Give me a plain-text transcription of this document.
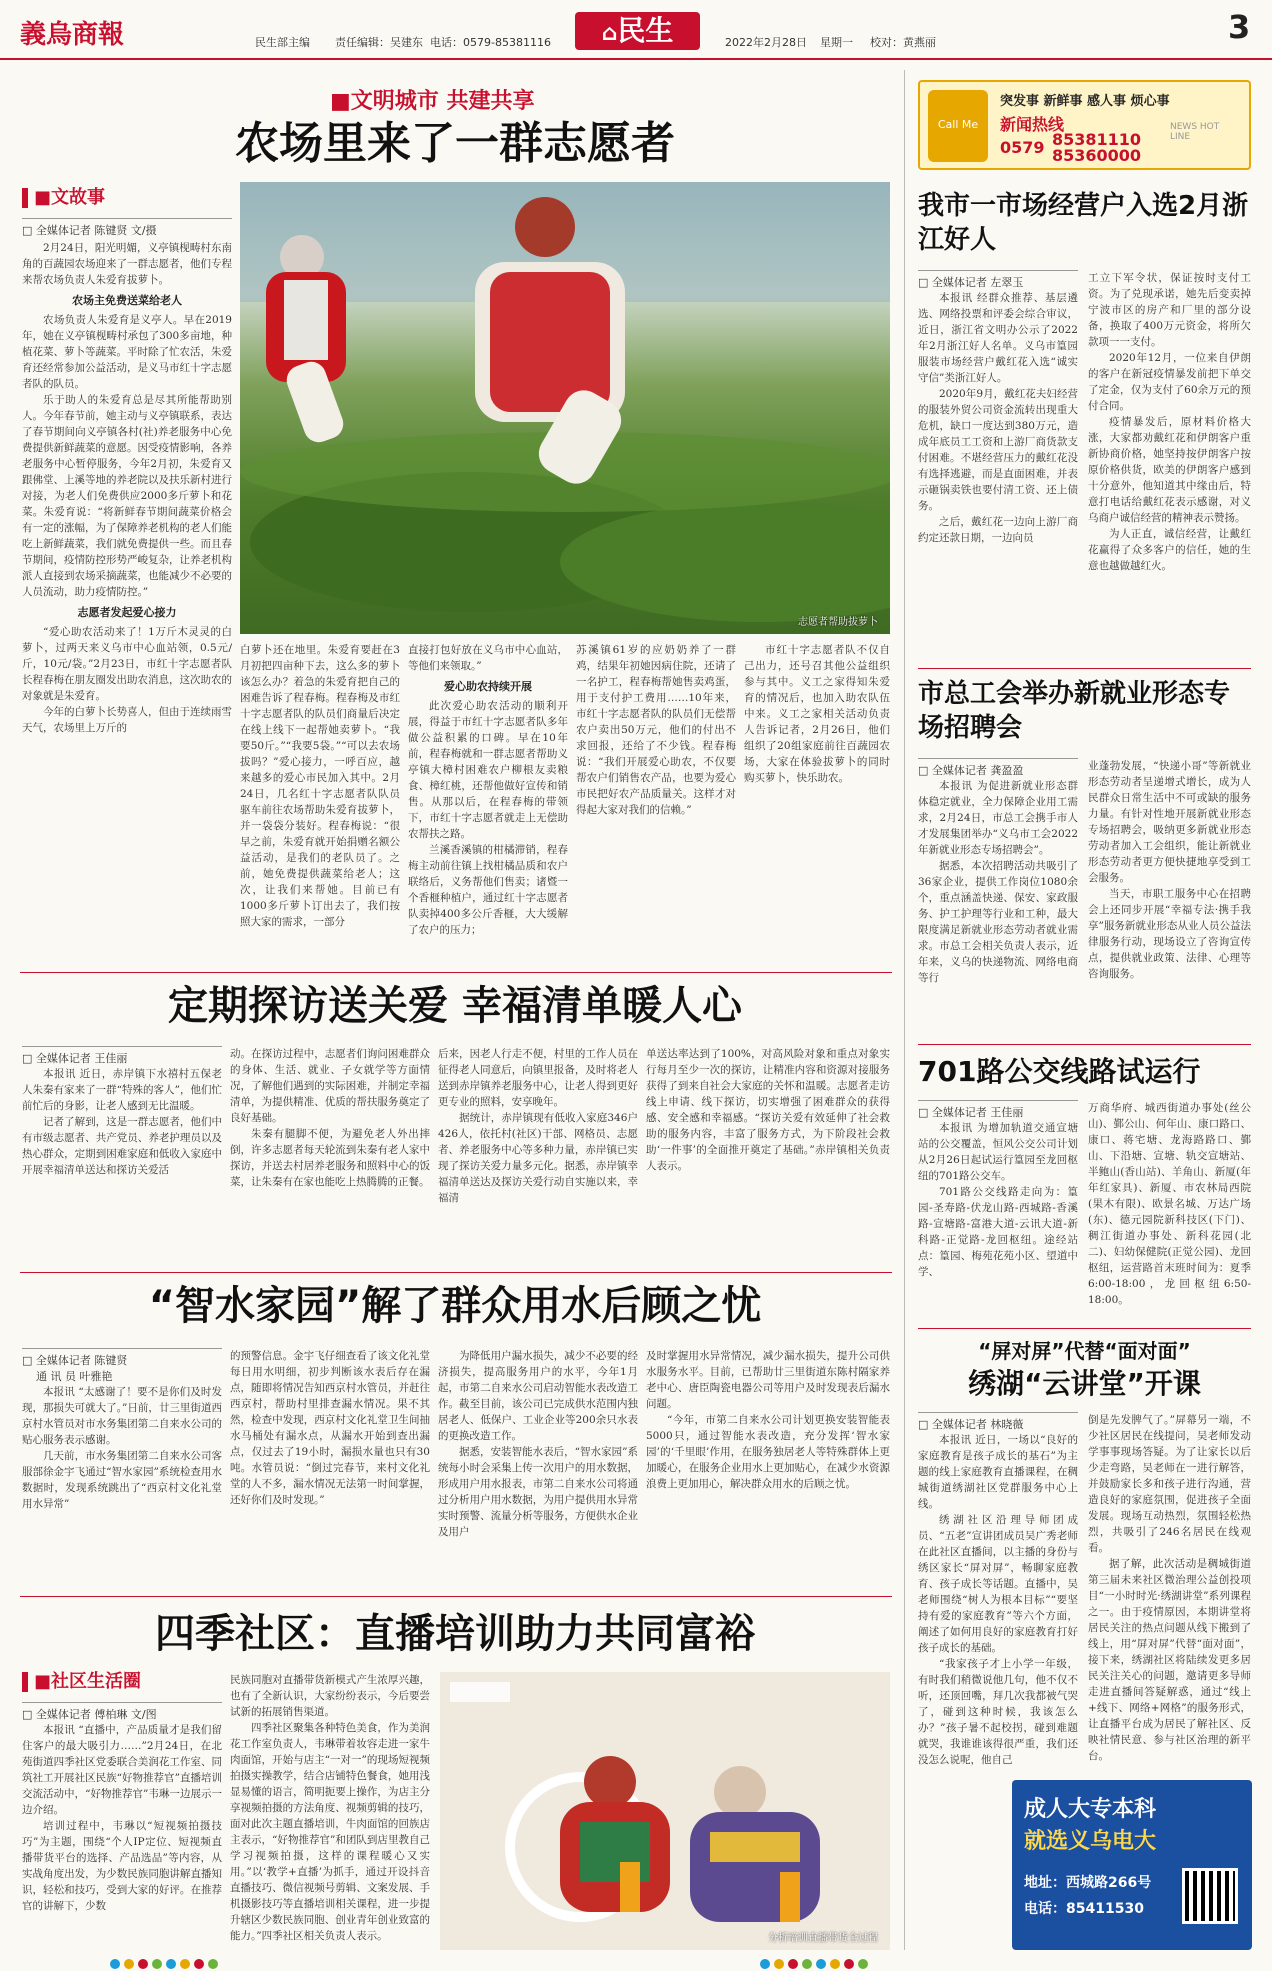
義烏商報	民生部主编 责任编辑：吴建东 电话：0579-85381116	⌂民生	2022年2月28日 星期一 校对：黄燕丽	3
Call Me
突发事 新鲜事 感人事 烦心事
新闻热线
0579 85381110
85360000
NEWS HOT LINE
■文明城市 共建共享
农场里来了一群志愿者
■文故事
□ 全媒体记者 陈键贤 文/摄
志愿者帮助拔萝卜

2月24日，阳光明媚，义亭镇枧畴村东南角的百蔬园农场迎来了一群志愿者，他们专程来帮农场负责人朱爱育拔萝卜。

农场主免费送菜给老人

农场负责人朱爱育是义亭人。早在2019年，她在义亭镇枧畴村承包了300多亩地，种植花菜、萝卜等蔬菜。平时除了忙农活，朱爱育还经常参加公益活动，是义马市红十字志愿者队的队员。

乐于助人的朱爱育总是尽其所能帮助别人。今年春节前，她主动与义亭镇联系，表达了春节期间向义亭镇各村(社)养老服务中心免费提供新鲜蔬菜的意愿。因受疫情影响，各养老服务中心暂停服务，今年2月初，朱爱育又跟佛堂、上溪等地的养老院以及扶乐新村进行对接，为老人们免费供应2000多斤萝卜和花菜。朱爱育说：“将新鲜春节期间蔬菜价格会有一定的涨幅，为了保障养老机构的老人们能吃上新鲜蔬菜，我们就免费提供一些。而且春节期间，疫情防控形势严峻复杂，让养老机构派人直接到农场采摘蔬菜，也能减少不必要的人员流动，助力疫情防控。”

志愿者发起爱心接力

“爱心助农活动来了！1万斤木灵灵的白萝卜，过两天来义乌市中心血站领，0.5元/斤，10元/袋。”2月23日，市红十字志愿者队长程春梅在朋友圈发出助农消息，这次助农的对象就是朱爱育。

今年的白萝卜长势喜人，但由于连续雨雪天气，农场里上万斤的

白萝卜还在地里。朱爱育要赶在3月初把四亩种下去，这么多的萝卜该怎么办？着急的朱爱育把自己的困难告诉了程春梅。程春梅及市红十字志愿者队的队员们商量后决定在线上线下一起帮她卖萝卜。“我要50斤。”“我要5袋。”“可以去农场拔吗？”爱心接力，一呼百应，越来越多的爱心市民加入其中。2月24日，几名红十字志愿者队队员驱车前往农场帮助朱爱育拔萝卜，并一袋袋分装好。程春梅说：“很早之前，朱爱育就开始捐赠名额公益活动，是我们的老队员了。之前，她免费提供蔬菜给老人；这次，让我们来帮她。目前已有1000多斤萝卜订出去了，我们按照大家的需求，一部分

直接打包好放在义乌市中心血站，等他们来领取。”

爱心助农持续开展

此次爱心助农活动的顺利开展，得益于市红十字志愿者队多年做公益积累的口碑。早在10年前，程春梅就和一群志愿者帮助义亭镇大樟村困难农户柳根友卖粮食、樟红桃，还帮他做好宣传和销售。从那以后，在程春梅的带领下，市红十字志愿者就走上无偿助农帮扶之路。

兰溪香溪镇的柑橘滞销，程春梅主动前往镇上找柑橘品质和农户联络后，义务帮他们售卖；诸暨一个香榧种植户，通过红十字志愿者队卖掉400多公斤香榧，大大缓解了农户的压力；

苏溪镇61岁的应奶奶养了一群鸡，结果年初她因病住院，还请了一名护工，程春梅帮她售卖鸡蛋，用于支付护工费用……10年来，市红十字志愿者队的队员们无偿帮农户卖出50万元，他们的付出不求回报，还给了不少钱。程春梅说：“我们开展爱心助农，不仅要帮农户们销售农产品，也要为爱心市民把好农产品质量关。这样才对得起大家对我们的信赖。”

市红十字志愿者队不仅自己出力，还号召其他公益组织参与其中。义工之家得知朱爱育的情况后，也加入助农队伍中来。义工之家相关活动负责人告诉记者，2月26日，他们组织了20组家庭前往百蔬园农场，大家在体验拔萝卜的同时购买萝卜，快乐助农。

定期探访送关爱 幸福清单暖人心
□ 全媒体记者 王佳丽

本报讯 近日，赤岸镇下水禧村五保老人朱秦有家来了一群“特殊的客人”，他们忙前忙后的身影，让老人感到无比温暖。

记者了解到，这是一群志愿者，他们中有市级志愿者、共产党员、养老护理员以及热心群众，定期到困难家庭和低收入家庭中开展幸福清单送达和探访关爱活

动。在探访过程中，志愿者们询问困难群众的身体、生活、就业、子女就学等方面情况，了解他们遇到的实际困难，并制定幸福清单，为提供精准、优质的帮扶服务奠定了良好基础。

朱秦有腿脚不便，为避免老人外出摔倒，许多志愿者每天轮流到朱秦有老人家中探访，并送去村居养老服务和照料中心的饭菜，让朱秦有在家也能吃上热腾腾的正餐。

后来，因老人行走不便，村里的工作人员在征得老人同意后，向镇里报备，及时将老人送到赤岸镇养老服务中心，让老人得到更好更专业的照料，安享晚年。

据统计，赤岸镇现有低收入家庭346户426人，依托村(社区)干部、网格员、志愿者、养老服务中心等多种力量，赤岸镇已实现了探访关爱力量多元化。据悉，赤岸镇幸福清单送达及探访关爱行动自实施以来，幸福清

单送达率达到了100%，对高风险对象和重点对象实行每月至少一次的探访，让精准内容和资源对接服务获得了到来自社会大家庭的关怀和温暖。志愿者走访线上申请、线下探访，切实增强了困难群众的获得感、安全感和幸福感。“探访关爱有效延伸了社会救助的服务内容，丰富了服务方式，为下阶段社会救助‘一件事’的全面推开奠定了基础。”赤岸镇相关负责人表示。

“智水家园”解了群众用水后顾之忧
□ 全媒体记者 陈键贤
通 讯 员 叶雅艳

本报讯 “太感谢了！要不是你们及时发现，那损失可就大了。”日前，廿三里街道西京村水管员对市水务集团第二自来水公司的贴心服务表示感谢。

几天前，市水务集团第二自来水公司客服部徐金宇飞通过“智水家园”系统检查用水数据时，发现系统跳出了“西京村文化礼堂用水异常”

的预警信息。金宇飞仔细查看了该文化礼堂每日用水明细，初步判断该水表后存在漏点，随即将情况告知西京村水管员，并赶往西京村，帮助村里排查漏水情况。果不其然，检查中发现，西京村文化礼堂卫生间抽水马桶处有漏水点，从漏水开始到查出漏点，仅过去了19小时，漏损水量也只有30吨。水管员说：“倒过完春节，来村文化礼堂的人不多，漏水情况无法第一时间掌握，还好你们及时发现。”

为降低用户漏水损失，减少不必要的经济损失，提高服务用户的水平，今年1月起，市第二自来水公司启动智能水表改造工作。截至目前，该公司已完成供水范围内独居老人、低保户、工业企业等200余只水表的更换改造工作。

据悉，安装智能水表后，“智水家园”系统每小时会采集上传一次用户的用水数据，形成用户用水报表，市第二自来水公司将通过分析用户用水数据，为用户提供用水异常实时预警、流量分析等服务，方便供水企业及用户

及时掌握用水异常情况，减少漏水损失，提升公司供水服务水平。目前，已帮助廿三里街道东陈村隔家养老中心、唐臣陶瓷电器公司等用户及时发现表后漏水问题。

“今年，市第二自来水公司计划更换安装智能表5000只，通过智能水表改造，充分发挥‘智水家园’的‘千里眼’作用，在服务独居老人等特殊群体上更加暖心，在服务企业用水上更加贴心，在减少水资源浪费上更加用心，解决群众用水的后顾之忧。

四季社区：直播培训助力共同富裕
■社区生活圈
□ 全媒体记者 傅柏琳 文/图

本报讯 “直播中，产品质量才是我们留住客户的最大吸引力……”2月24日，在北苑街道四季社区党委联合美润花工作室、同筑社工开展社区民族“好物推荐官”直播培训交流活动中，“好物推荐官”韦琳一边展示一边介绍。

培训过程中，韦琳以“短视频拍摄技巧”为主题，围绕“个人IP定位、短视频直播带货平台的选择、产品选品”等内容，从实战角度出发，为少数民族同胞讲解直播知识，轻松和技巧，受到大家的好评。在推荐官的讲解下，少数

民族同胞对直播带货新模式产生浓厚兴趣，也有了全新认识，大家纷纷表示，今后要尝试新的拓展销售渠道。

四季社区聚集各种特色美食，作为美润花工作室负责人，韦琳带着妆容走进一家牛肉面馆，开始与店主“一对一”的现场短视频拍摄实操教学，结合店铺特色餐食，她用浅显易懂的语言，简明扼要上操作，为店主分享视频拍摄的方法角度、视频剪辑的技巧，面对此次主题直播培训，牛肉面馆的回族店主表示，“好物推荐官”和团队到店里教自己学习视频拍摄，这样的课程暖心又实用。”以‘教学+直播’为抓手，通过开设抖音直播技巧、微信视频号剪辑、文案发展、手机摄影技巧等直播培训相关课程，进一步提升辖区少数民族同胞、创业青年创业致富的能力。”四季社区相关负责人表示。	分析培训直播带货全过程
我市一市场经营户入选2月浙江好人
□ 全媒体记者 左翠玉

本报讯 经群众推荐、基层遴选、网络投票和评委会综合审议，近日，浙江省文明办公示了2022年2月浙江好人名单。义乌市篁园服装市场经营户戴红花入选“诚实守信”类浙江好人。

2020年9月，戴红花夫妇经营的服装外贸公司资金流转出现重大危机，缺口一度达到380万元，造成年底员工工资和上游厂商货款支付困难。不堪经营压力的戴红花没有选择逃避，而是直面困难，并表示砸锅卖铁也要付清工资、还上债务。

之后，戴红花一边向上游厂商约定还款日期，一边向员

工立下军令状，保证按时支付工资。为了兑现承诺，她先后变卖掉宁波市区的房产和厂里的部分设备，换取了400万元资金，将所欠款项一一支付。

2020年12月，一位来自伊朗的客户在新冠疫情暴发前把下单交了定金，仅为支付了60余万元的预付合同。

疫情暴发后，原材料价格大涨，大家都劝戴红花和伊朗客户重新协商价格，她坚持按伊朗客户按原价格供货，欧美的伊朗客户感到十分意外，他知道其中缘由后，特意打电话给戴红花表示感谢，对义乌商户诚信经营的精神表示赞扬。

为人正直，诚信经营，让戴红花赢得了众多客户的信任，她的生意也越做越红火。

市总工会举办新就业形态专场招聘会
□ 全媒体记者 龚盈盈

本报讯 为促进新就业形态群体稳定就业，全力保障企业用工需求，2月24日，市总工会携手市人才发展集团举办“义乌市工会2022年新就业形态专场招聘会”。

据悉，本次招聘活动共吸引了36家企业，提供工作岗位1080余个，重点涵盖快递、保安、家政服务、护工护理等行业和工种，最大限度满足新就业形态劳动者就业需求。市总工会相关负责人表示，近年来，义乌的快递物流、网络电商等行

业蓬勃发展，“快递小哥”等新就业形态劳动者呈递增式增长，成为人民群众日常生活中不可或缺的服务力量。有针对性地开展新就业形态专场招聘会，吸纳更多新就业形态劳动者加入工会组织，能让新就业形态劳动者更方便快捷地享受到工会服务。

当天，市职工服务中心在招聘会上还同步开展“幸福专法·携手我享”服务新就业形态从业人员公益法律服务行动，现场设立了咨询宣传点，提供就业政策、法律、心理等咨询服务。

701路公交线路试运行
□ 全媒体记者 王佳丽

本报讯 为增加轨道交通宣塘站的公交覆盖，恒风公交公司计划从2月26日起试运行篁园至龙回枢纽的701路公交车。

701路公交线路走向为：篁园-圣寿路-伏龙山路-西城路-香溪路-宣塘路-富港大道-云讯大道-新科路-正觉路-龙回枢纽。途经站点：篁园、梅苑花苑小区、望道中学、

万商华府、城西街道办事处(丝公山)、鄞公山、何年山、康口路口、康口、蒋宅塘、龙海路路口、鄞山、下沿塘、宣塘、轨交宣塘站、半鲍山(香山站)、羊角山、新厦(年年红家具)、新厦、市农林局西院(果木有限)、欧景名城、万达广场(东)、德元园院新科技区(下门)、稠江街道办事处、新科花园(北二)、妇幼保健院(正觉公园)、龙回枢纽，运营路首末班时间为：夏季6:00-18:00，龙回枢纽6:50-18:00。

“屏对屏”代替“面对面”
绣湖“云讲堂”开课
□ 全媒体记者 林晓薇

本报讯 近日，一场以“良好的家庭教育是孩子成长的基石”为主题的线上家庭教育直播课程，在稠城街道绣湖社区党群服务中心上线。

绣湖社区沿理导师团成员、“五老”宣讲团成员吴广秀老师在此社区直播间，以主播的身份与绣区家长“屏对屏”，畅聊家庭教育、孩子成长等话题。直播中，吴老师围绕“树人为根本目标”“要坚持有爱的家庭教育”等六个方面，阐述了如何用良好的家庭教育打好孩子成长的基础。

“我家孩子才上小学一年级，有时我们稍微说他几句，他不仅不听，还顶回嘴，拜几次我都被气哭了，碰到这种时候，我该怎么办？”孩子暑不起校拐，碰到难题就哭，我谁谁该得很严重，我们还没怎么说呢，他自己

倒是先发脾气了。”屏幕另一端，不少社区居民在线提问，吴老师发动学事事现场答疑。为了让家长以后少走弯路，吴老师在一进行解答，并鼓励家长多和孩子进行沟通，营造良好的家庭氛围，促进孩子全面发展。现场互动热烈，氛围轻松热烈，共吸引了246名居民在线观看。

据了解，此次活动是稠城街道第三届未来社区微治理公益创投项目“一小时时光·绣湖讲堂”系列课程之一。由于疫情原因，本期讲堂将居民关注的热点问题从线下搬到了线上，用“屏对屏”代替“面对面”，接下来，绣湖社区将陆续发更多居民关注关心的问题，邀请更多导师走进直播间答疑解惑，通过“线上+线下、网络+网格”的服务形式，让直播平台成为居民了解社区、反映社情民意、参与社区治理的新平台。

成人大专本科
就选义乌电大
地址：西城路266号
电话：85411530
